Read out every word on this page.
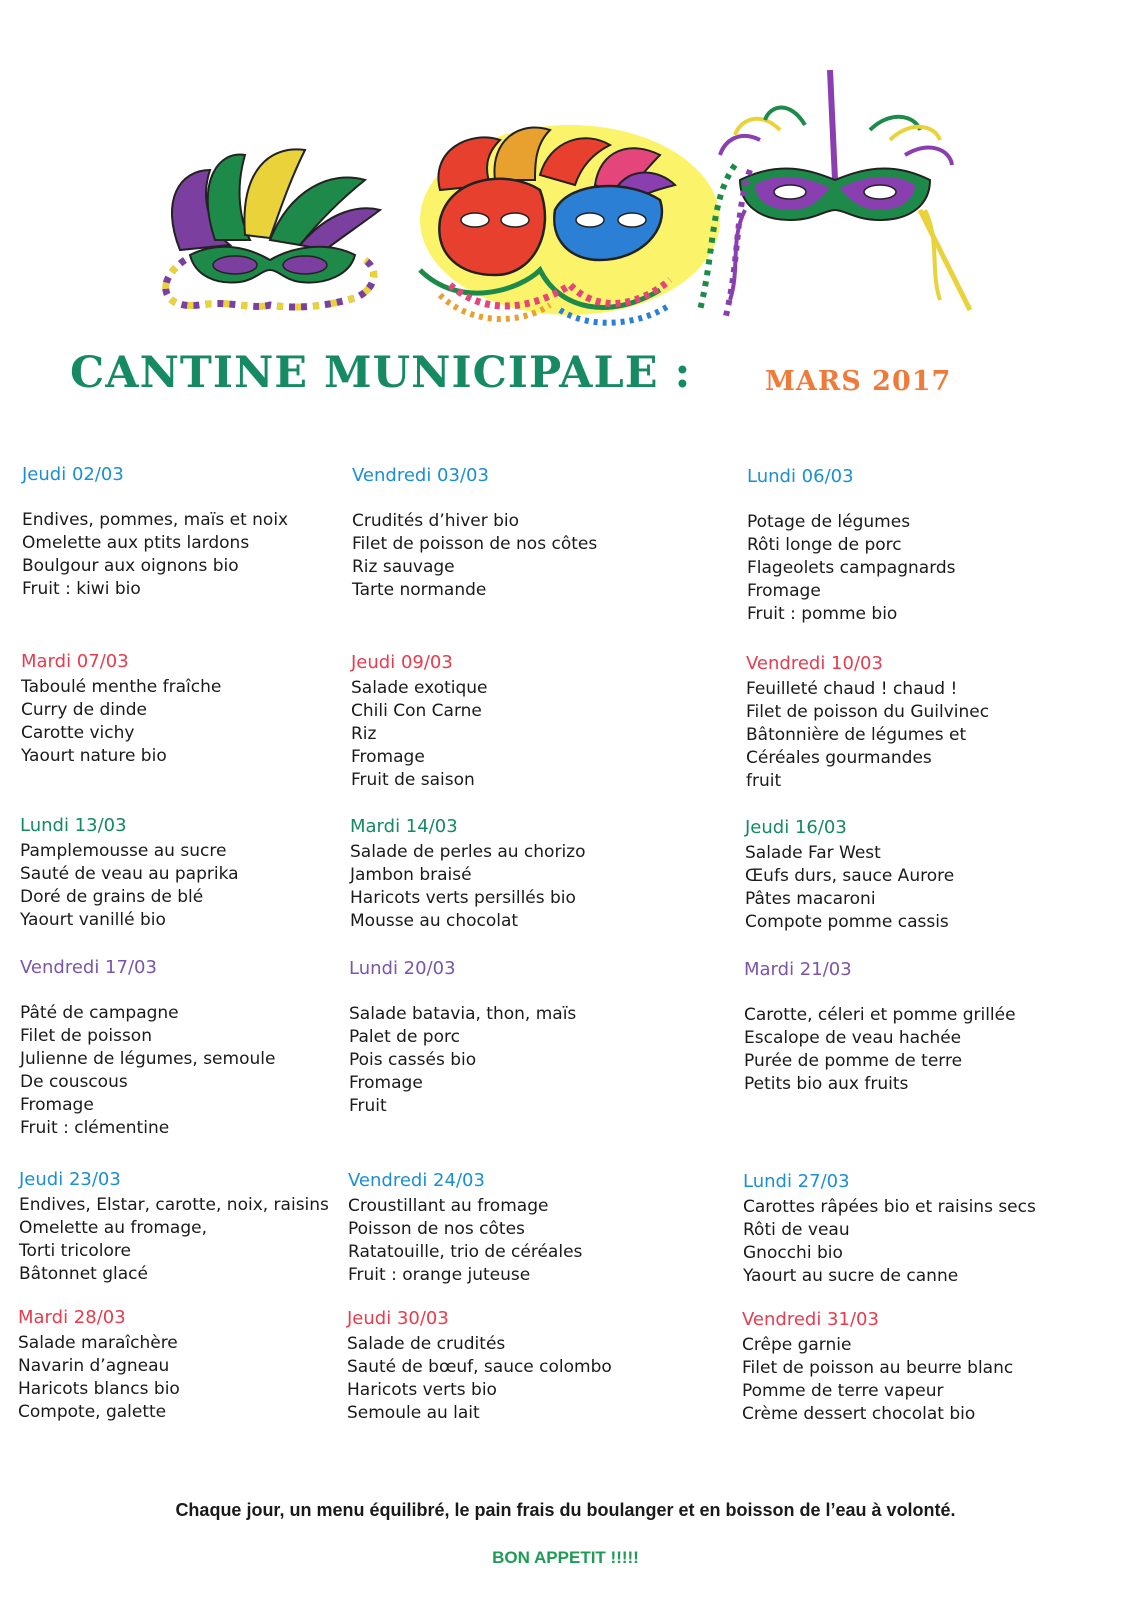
CANTINE MUNICIPALE :	MARS 2017
Jeudi 02/03
Endives, pommes, maïs et noix
Omelette aux ptits lardons
Boulgour aux oignons bio
Fruit : kiwi bio
Vendredi 03/03
Crudités d’hiver bio
Filet de poisson de nos côtes
Riz sauvage
Tarte normande
Lundi 06/03
Potage de légumes
Rôti longe de porc
Flageolets campagnards
Fromage
Fruit : pomme bio
Mardi 07/03
Taboulé menthe fraîche
Curry de dinde
Carotte vichy
Yaourt nature bio
Jeudi 09/03
Salade exotique
Chili Con Carne
Riz
Fromage
Fruit de saison
Vendredi 10/03
Feuilleté chaud ! chaud !
Filet de poisson du Guilvinec
Bâtonnière de légumes et
Céréales gourmandes
fruit
Lundi 13/03
Pamplemousse au sucre
Sauté de veau au paprika
Doré de grains de blé
Yaourt vanillé bio
Mardi 14/03
Salade de perles au chorizo
Jambon braisé
Haricots verts persillés bio
Mousse au chocolat
Jeudi 16/03
Salade Far West
Œufs durs, sauce Aurore
Pâtes macaroni
Compote pomme cassis
Vendredi 17/03
Pâté de campagne
Filet de poisson
Julienne de légumes, semoule
De couscous
Fromage
Fruit : clémentine
Lundi 20/03
Salade batavia, thon, maïs
Palet de porc
Pois cassés bio
Fromage
Fruit
Mardi 21/03
Carotte, céleri et pomme grillée
Escalope de veau hachée
Purée de pomme de terre
Petits bio aux fruits
Jeudi 23/03
Endives, Elstar, carotte, noix, raisins
Omelette au fromage,
Torti tricolore
Bâtonnet glacé
Vendredi 24/03
Croustillant au fromage
Poisson de nos côtes
Ratatouille, trio de céréales
Fruit : orange juteuse
Lundi 27/03
Carottes râpées bio et raisins secs
Rôti de veau
Gnocchi bio
Yaourt au sucre de canne
Mardi 28/03
Salade maraîchère
Navarin d’agneau
Haricots blancs bio
Compote, galette
Jeudi 30/03
Salade de crudités
Sauté de bœuf, sauce colombo
Haricots verts bio
Semoule au lait
Vendredi 31/03
Crêpe garnie
Filet de poisson au beurre blanc
Pomme de terre vapeur
Crème dessert chocolat bio
Chaque jour, un menu équilibré, le pain frais du boulanger et en boisson de l’eau à volonté.
BON APPETIT !!!!!
